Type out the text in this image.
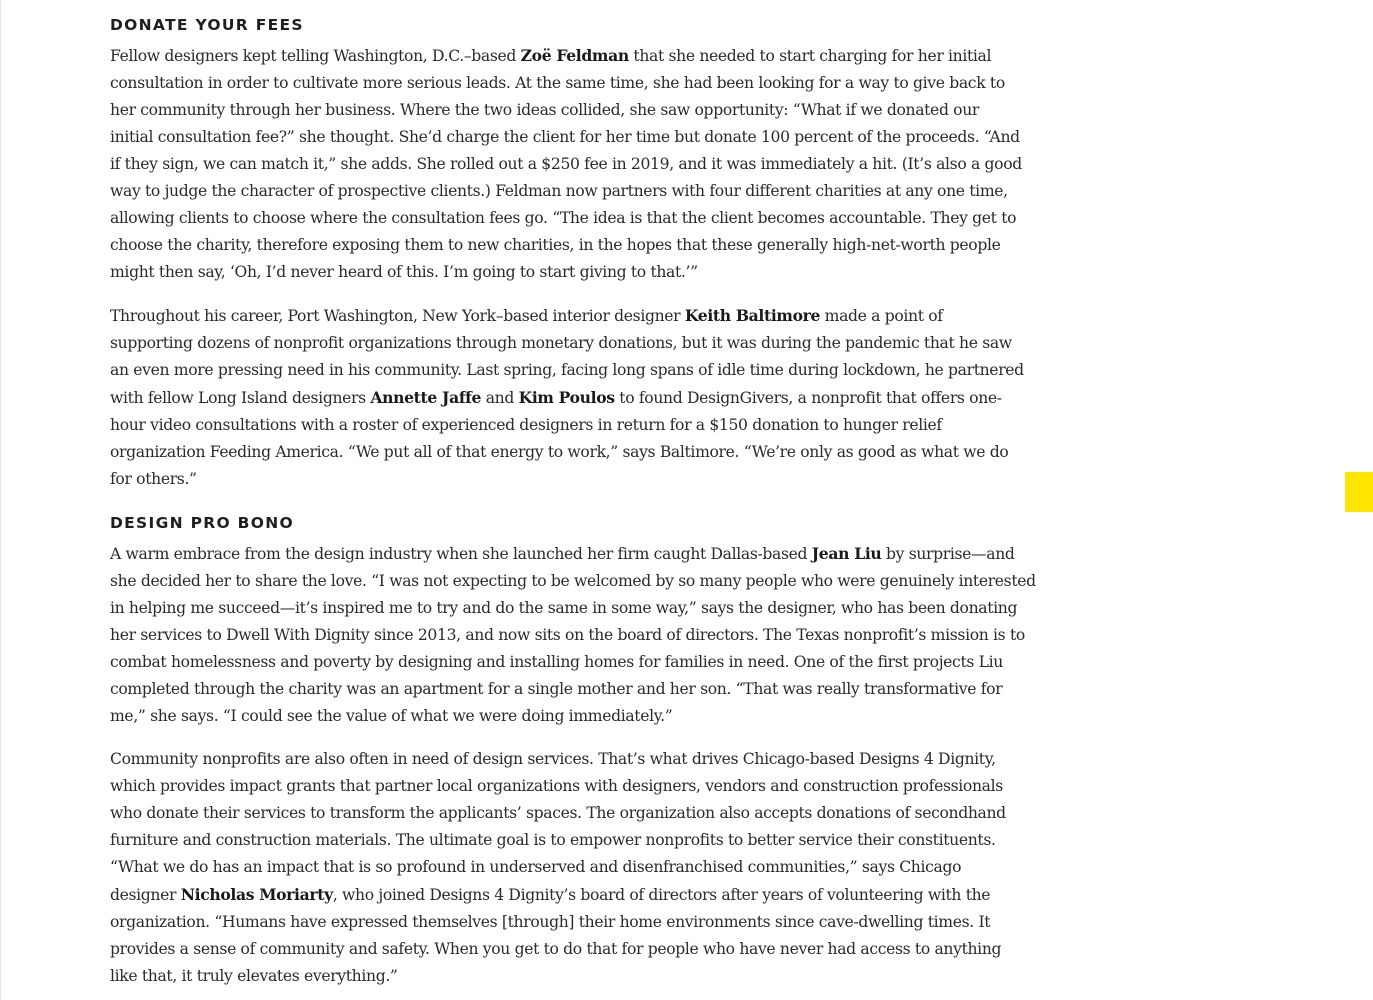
DONATE YOUR FEES

Fellow designers kept telling Washington, D.C.–based Zoë Feldman that she needed to start charging for her initial
consultation in order to cultivate more serious leads. At the same time, she had been looking for a way to give back to
her community through her business. Where the two ideas collided, she saw opportunity: “What if we donated our
initial consultation fee?” she thought. She’d charge the client for her time but donate 100 percent of the proceeds. “And
if they sign, we can match it,” she adds. She rolled out a $250 fee in 2019, and it was immediately a hit. (It’s also a good
way to judge the character of prospective clients.) Feldman now partners with four different charities at any one time,
allowing clients to choose where the consultation fees go. “The idea is that the client becomes accountable. They get to
choose the charity, therefore exposing them to new charities, in the hopes that these generally high-net-worth people
might then say, ‘Oh, I’d never heard of this. I’m going to start giving to that.’”

Throughout his career, Port Washington, New York–based interior designer Keith Baltimore made a point of
supporting dozens of nonprofit organizations through monetary donations, but it was during the pandemic that he saw
an even more pressing need in his community. Last spring, facing long spans of idle time during lockdown, he partnered
with fellow Long Island designers Annette Jaffe and Kim Poulos to found DesignGivers, a nonprofit that offers one-
hour video consultations with a roster of experienced designers in return for a $150 donation to hunger relief
organization Feeding America. “We put all of that energy to work,” says Baltimore. “We’re only as good as what we do
for others.”

DESIGN PRO BONO

A warm embrace from the design industry when she launched her firm caught Dallas-based Jean Liu by surprise—and
she decided her to share the love. “I was not expecting to be welcomed by so many people who were genuinely interested
in helping me succeed—it’s inspired me to try and do the same in some way,” says the designer, who has been donating
her services to Dwell With Dignity since 2013, and now sits on the board of directors. The Texas nonprofit’s mission is to
combat homelessness and poverty by designing and installing homes for families in need. One of the first projects Liu
completed through the charity was an apartment for a single mother and her son. “That was really transformative for
me,” she says. “I could see the value of what we were doing immediately.”

Community nonprofits are also often in need of design services. That’s what drives Chicago-based Designs 4 Dignity,
which provides impact grants that partner local organizations with designers, vendors and construction professionals
who donate their services to transform the applicants’ spaces. The organization also accepts donations of secondhand
furniture and construction materials. The ultimate goal is to empower nonprofits to better service their constituents.
“What we do has an impact that is so profound in underserved and disenfranchised communities,” says Chicago
designer Nicholas Moriarty, who joined Designs 4 Dignity’s board of directors after years of volunteering with the
organization. “Humans have expressed themselves [through] their home environments since cave-dwelling times. It
provides a sense of community and safety. When you get to do that for people who have never had access to anything
like that, it truly elevates everything.”
